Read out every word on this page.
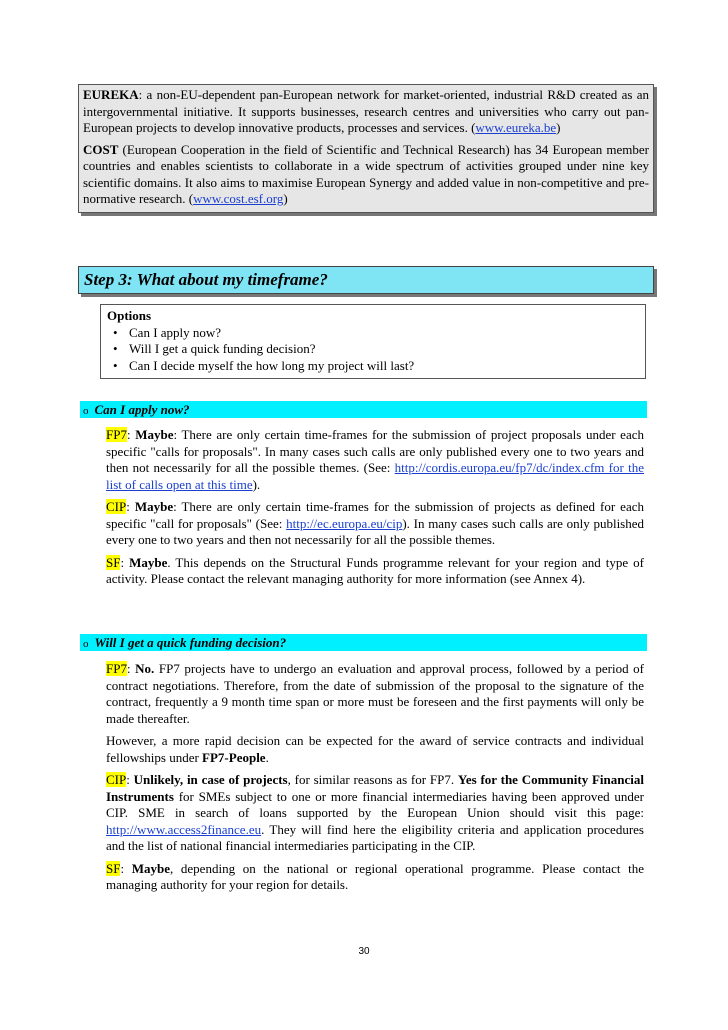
EUREKA: a non-EU-dependent pan-European network for market-oriented, industrial R&D created as an intergovernmental initiative. It supports businesses, research centres and universities who carry out pan-European projects to develop innovative products, processes and services. (www.eureka.be)

COST (European Cooperation in the field of Scientific and Technical Research) has 34 European member countries and enables scientists to collaborate in a wide spectrum of activities grouped under nine key scientific domains. It also aims to maximise European Synergy and added value in non-competitive and pre-normative research. (www.cost.esf.org)

Step 3: What about my timeframe?
Options
• Can I apply now?
• Will I get a quick funding decision?
• Can I decide myself the how long my project will last?
o Can I apply now?

FP7: Maybe: There are only certain time-frames for the submission of project proposals under each specific "calls for proposals". In many cases such calls are only published every one to two years and then not necessarily for all the possible themes. (See: http://cordis.europa.eu/fp7/dc/index.cfm for the list of calls open at this time).

CIP: Maybe: There are only certain time-frames for the submission of projects as defined for each specific "call for proposals" (See: http://ec.europa.eu/cip). In many cases such calls are only published every one to two years and then not necessarily for all the possible themes.

SF: Maybe. This depends on the Structural Funds programme relevant for your region and type of activity. Please contact the relevant managing authority for more information (see Annex 4).

o Will I get a quick funding decision?

FP7: No. FP7 projects have to undergo an evaluation and approval process, followed by a period of contract negotiations. Therefore, from the date of submission of the proposal to the signature of the contract, frequently a 9 month time span or more must be foreseen and the first payments will only be made thereafter.

However, a more rapid decision can be expected for the award of service contracts and individual fellowships under FP7-People.

CIP: Unlikely, in case of projects, for similar reasons as for FP7. Yes for the Community Financial Instruments for SMEs subject to one or more financial intermediaries having been approved under CIP. SME in search of loans supported by the European Union should visit this page: http://www.access2finance.eu. They will find here the eligibility criteria and application procedures and the list of national financial intermediaries participating in the CIP.

SF: Maybe, depending on the national or regional operational programme. Please contact the managing authority for your region for details.

30
